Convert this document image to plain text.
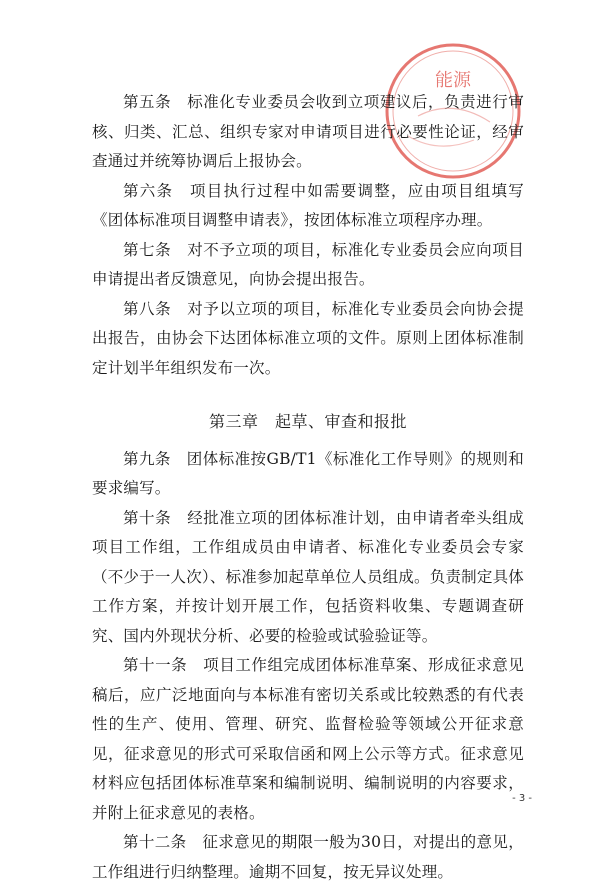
能源

第五条　标准化专业委员会收到立项建议后，负责进行审核、归类、汇总、组织专家对申请项目进行必要性论证，经审查通过并统筹协调后上报协会。

第六条　项目执行过程中如需要调整，应由项目组填写《团体标准项目调整申请表》，按团体标准立项程序办理。

第七条　对不予立项的项目，标准化专业委员会应向项目申请提出者反馈意见，向协会提出报告。

第八条　对予以立项的项目，标准化专业委员会向协会提出报告，由协会下达团体标准立项的文件。原则上团体标准制定计划半年组织发布一次。

第三章　起草、审查和报批

第九条　团体标准按GB/T1《标准化工作导则》的规则和要求编写。

第十条　经批准立项的团体标准计划，由申请者牵头组成项目工作组，工作组成员由申请者、标准化专业委员会专家（不少于一人次）、标准参加起草单位人员组成。负责制定具体工作方案，并按计划开展工作，包括资料收集、专题调查研究、国内外现状分析、必要的检验或试验验证等。

第十一条　项目工作组完成团体标准草案、形成征求意见稿后，应广泛地面向与本标准有密切关系或比较熟悉的有代表性的生产、使用、管理、研究、监督检验等领域公开征求意见，征求意见的形式可采取信函和网上公示等方式。征求意见材料应包括团体标准草案和编制说明、编制说明的内容要求，并附上征求意见的表格。

第十二条　征求意见的期限一般为30日，对提出的意见，工作组进行归纳整理。逾期不回复，按无异议处理。

- 3 -
